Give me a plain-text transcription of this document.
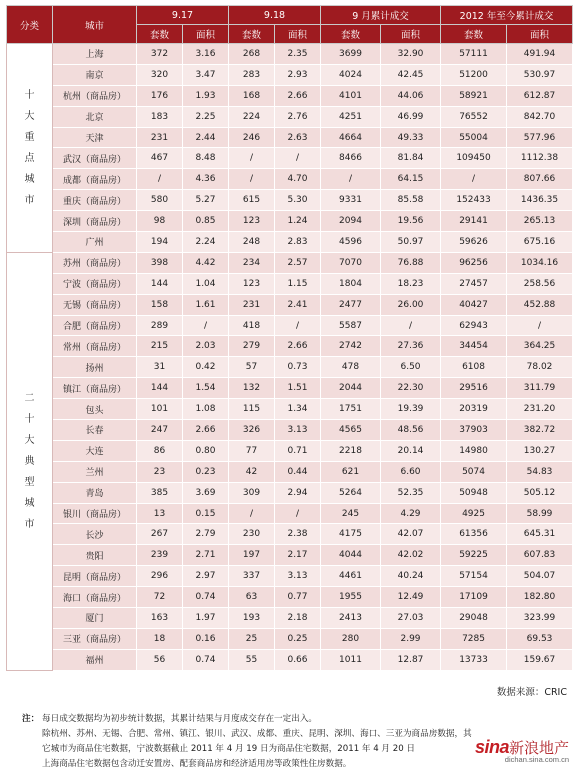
分类	城市	9.17		9.18		9 月累计成交		2012 年至今累计成交	
		套数	面积	套数	面积	套数	面积	套数	面积
十大重点城市	上海	372	3.16	268	2.35	3699	32.90	57111	491.94
	南京	320	3.47	283	2.93	4024	42.45	51200	530.97
	杭州（商品房）	176	1.93	168	2.66	4101	44.06	58921	612.87
	北京	183	2.25	224	2.76	4251	46.99	76552	842.70
	天津	231	2.44	246	2.63	4664	49.33	55004	577.96
	武汉（商品房）	467	8.48	/	/	8466	81.84	109450	1112.38
	成都（商品房）	/	4.36	/	4.70	/	64.15	/	807.66
	重庆（商品房）	580	5.27	615	5.30	9331	85.58	152433	1436.35
	深圳（商品房）	98	0.85	123	1.24	2094	19.56	29141	265.13
	广州	194	2.24	248	2.83	4596	50.97	59626	675.16
二十大典型城市	苏州（商品房）	398	4.42	234	2.57	7070	76.88	96256	1034.16
	宁波（商品房）	144	1.04	123	1.15	1804	18.23	27457	258.56
	无锡（商品房）	158	1.61	231	2.41	2477	26.00	40427	452.88
	合肥（商品房）	289	/	418	/	5587	/	62943	/
	常州（商品房）	215	2.03	279	2.66	2742	27.36	34454	364.25
	扬州	31	0.42	57	0.73	478	6.50	6108	78.02
	镇江（商品房）	144	1.54	132	1.51	2044	22.30	29516	311.79
	包头	101	1.08	115	1.34	1751	19.39	20319	231.20
	长春	247	2.66	326	3.13	4565	48.56	37903	382.72
	大连	86	0.80	77	0.71	2218	20.14	14980	130.27
	兰州	23	0.23	42	0.44	621	6.60	5074	54.83
	青岛	385	3.69	309	2.94	5264	52.35	50948	505.12
	银川（商品房）	13	0.15	/	/	245	4.29	4925	58.99
	长沙	267	2.79	230	2.38	4175	42.07	61356	645.31
	贵阳	239	2.71	197	2.17	4044	42.02	59225	607.83
	昆明（商品房）	296	2.97	337	3.13	4461	40.24	57154	504.07
	海口（商品房）	72	0.74	63	0.77	1955	12.49	17109	182.80
	厦门	163	1.97	193	2.18	2413	27.03	29048	323.99
	三亚（商品房）	18	0.16	25	0.25	280	2.99	7285	69.53
	福州	56	0.74	55	0.66	1011	12.87	13733	159.67
数据来源：CRIC
注： 每日成交数据均为初步统计数据，其累计结果与月度成交存在一定出入。
除杭州、苏州、无锡、合肥、常州、镇江、银川、武汉、成都、重庆、昆明、深圳、海口、三亚为商品房数据，其
它城市为商品住宅数据，宁波数据截止 2011 年 4 月 19 日为商品住宅数据，2011 年 4 月 20 日
上海商品住宅数据包含动迁安置房、配套商品房和经济适用房等政策性住房数据。
sina新浪地产
dichan.sina.com.cn
